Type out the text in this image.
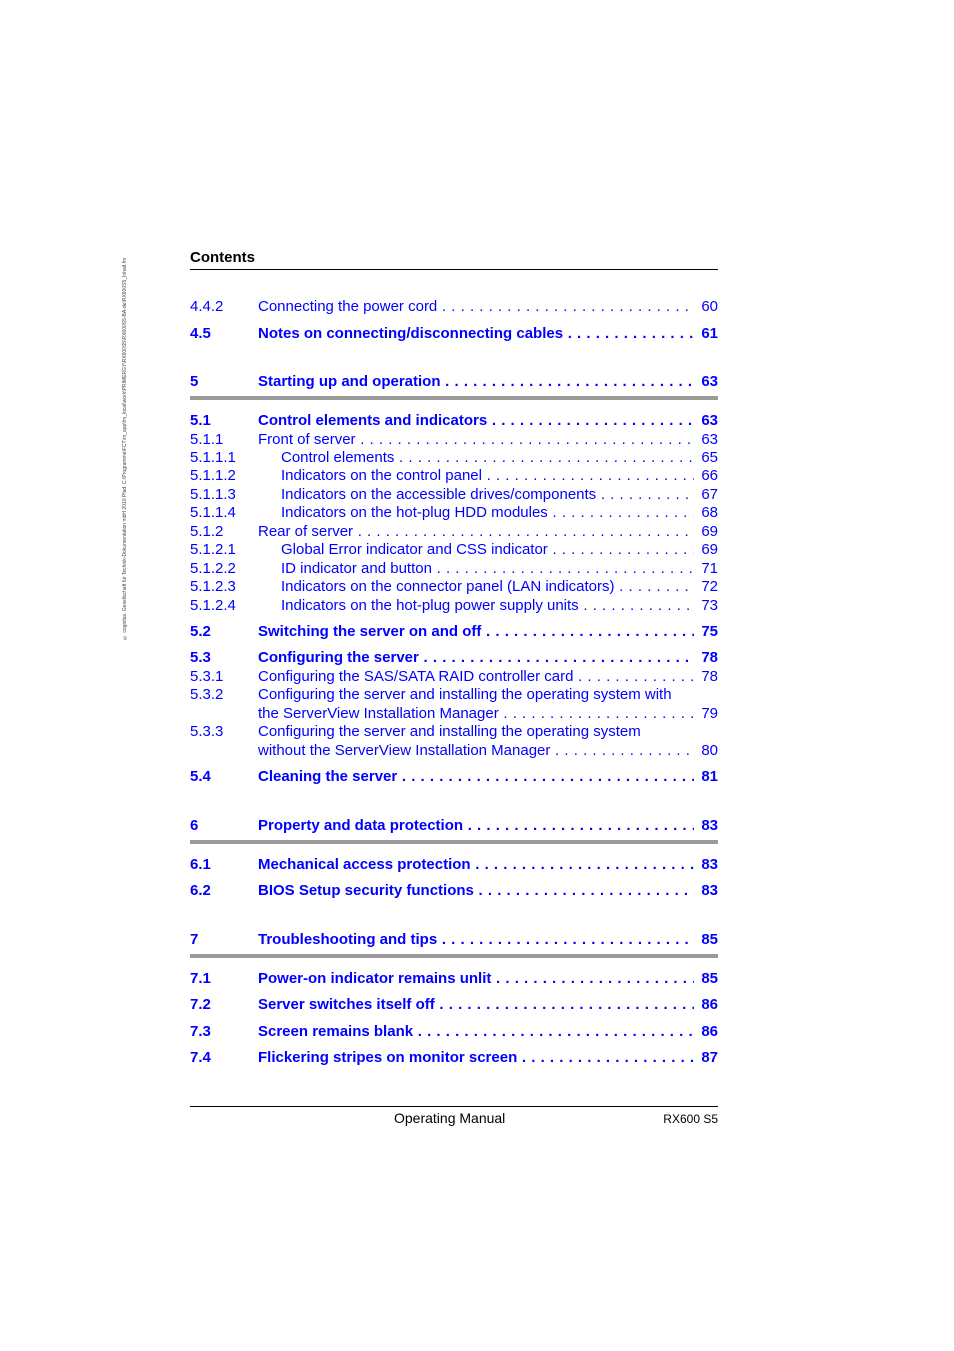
© cognitas. Gesellschaft für Technik-Dokumentation mbH 2010 Pfad: C:\Programme\FCT\m_app\fm_local\work\PRIMERGY\RX600S5\RX600S5-BA-de\RX600S5_Inhalt.fm
Contents
4.4.2 Connecting the power cord . . .	60
4.5	Notes on connecting/disconnecting cables . . .	61
5	Starting up and operation . . .	63
5.1	Control elements and indicators . . .	63
5.1.1 Front of server . . .	63
5.1.1.1	Control elements . . .	65
5.1.1.2	Indicators on the control panel . . .	66
5.1.1.3	Indicators on the accessible drives/components . . .	67
5.1.1.4	Indicators on the hot-plug HDD modules . . .	68
5.1.2 Rear of server . . .	69
5.1.2.1	Global Error indicator and CSS indicator . . .	69
5.1.2.2	ID indicator and button . . .	71
5.1.2.3	Indicators on the connector panel (LAN indicators) . . .	72
5.1.2.4	Indicators on the hot-plug power supply units . . .	73
5.2	Switching the server on and off . . .	75
5.3	Configuring the server . . .	78
5.3.1 Configuring the SAS/SATA RAID controller card . . .	78
5.3.2 Configuring the server and installing the operating system with
the ServerView Installation Manager . . .	79
5.3.3 Configuring the server and installing the operating system
without the ServerView Installation Manager . . .	80
5.4	Cleaning the server . . .	81
6	Property and data protection . . .	83
6.1	Mechanical access protection . . .	83
6.2	BIOS Setup security functions . . .	83
7	Troubleshooting and tips . . .	85
7.1	Power-on indicator remains unlit . . .	85
7.2	Server switches itself off . . .	86
7.3	Screen remains blank . . .	86
7.4	Flickering stripes on monitor screen . . .	87
Operating Manual	RX600 S5
